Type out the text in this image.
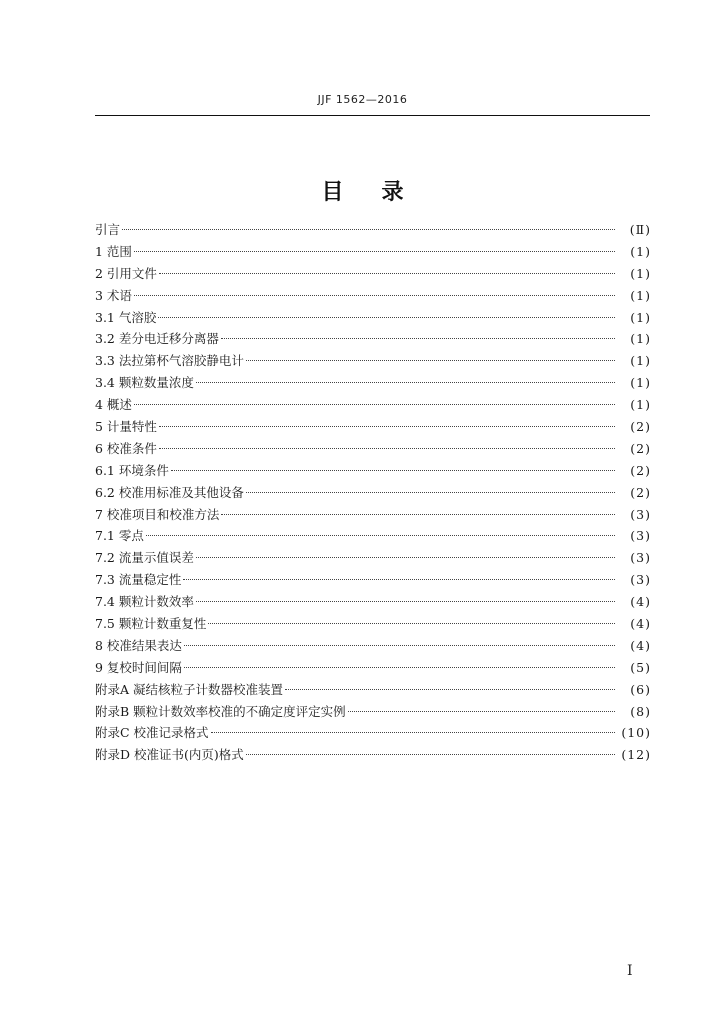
JJF 1562—2016
目录
引言	(Ⅱ)
1 范围	(1)
2 引用文件	(1)
3 术语	(1)
3.1 气溶胶	(1)
3.2 差分电迁移分离器	(1)
3.3 法拉第杯气溶胶静电计	(1)
3.4 颗粒数量浓度	(1)
4 概述	(1)
5 计量特性	(2)
6 校准条件	(2)
6.1 环境条件	(2)
6.2 校准用标准及其他设备	(2)
7 校准项目和校准方法	(3)
7.1 零点	(3)
7.2 流量示值误差	(3)
7.3 流量稳定性	(3)
7.4 颗粒计数效率	(4)
7.5 颗粒计数重复性	(4)
8 校准结果表达	(4)
9 复校时间间隔	(5)
附录A 凝结核粒子计数器校准装置	(6)
附录B 颗粒计数效率校准的不确定度评定实例	(8)
附录C 校准记录格式	(10)
附录D 校准证书(内页)格式	(12)
I
